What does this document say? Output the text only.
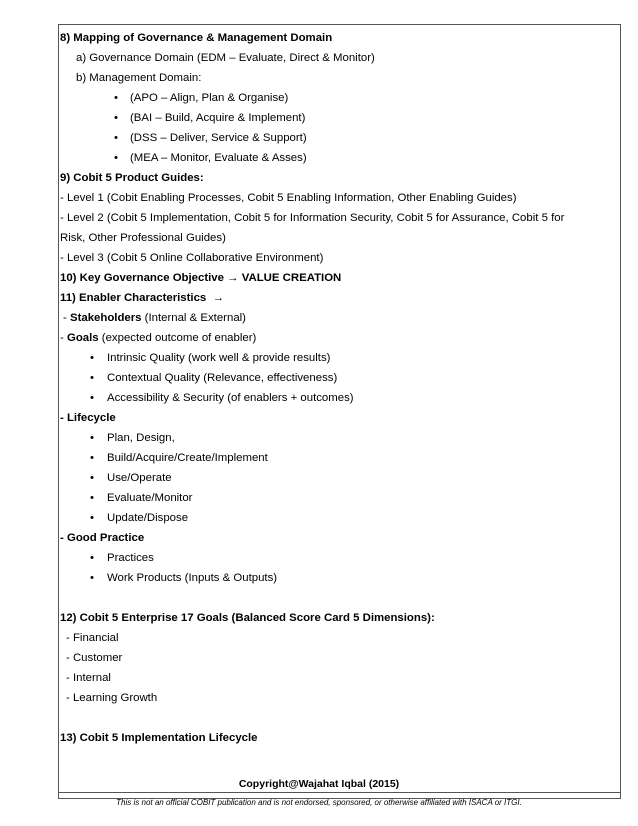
8) Mapping of Governance & Management Domain
a) Governance Domain (EDM – Evaluate, Direct & Monitor)
b) Management Domain:
• (APO – Align, Plan & Organise)
• (BAI – Build, Acquire & Implement)
• (DSS – Deliver, Service & Support)
• (MEA – Monitor, Evaluate & Asses)
9) Cobit 5 Product Guides:
- Level 1 (Cobit Enabling Processes, Cobit 5 Enabling Information, Other Enabling Guides)
- Level 2 (Cobit 5 Implementation, Cobit 5 for Information Security, Cobit 5 for Assurance, Cobit 5 for
Risk, Other Professional Guides)
- Level 3 (Cobit 5 Online Collaborative Environment)
10) Key Governance Objective → VALUE CREATION
11) Enabler Characteristics →
- Stakeholders (Internal & External)
- Goals (expected outcome of enabler)
• Intrinsic Quality (work well & provide results)
• Contextual Quality (Relevance, effectiveness)
• Accessibility & Security (of enablers + outcomes)
- Lifecycle
• Plan, Design,
• Build/Acquire/Create/Implement
• Use/Operate
• Evaluate/Monitor
• Update/Dispose
- Good Practice
• Practices
• Work Products (Inputs & Outputs)
12) Cobit 5 Enterprise 17 Goals (Balanced Score Card 5 Dimensions):
- Financial
- Customer
- Internal
- Learning Growth
13) Cobit 5 Implementation Lifecycle
Copyright@Wajahat Iqbal (2015)
This is not an official COBIT publication and is not endorsed, sponsored, or otherwise affiliated with ISACA or ITGI.
